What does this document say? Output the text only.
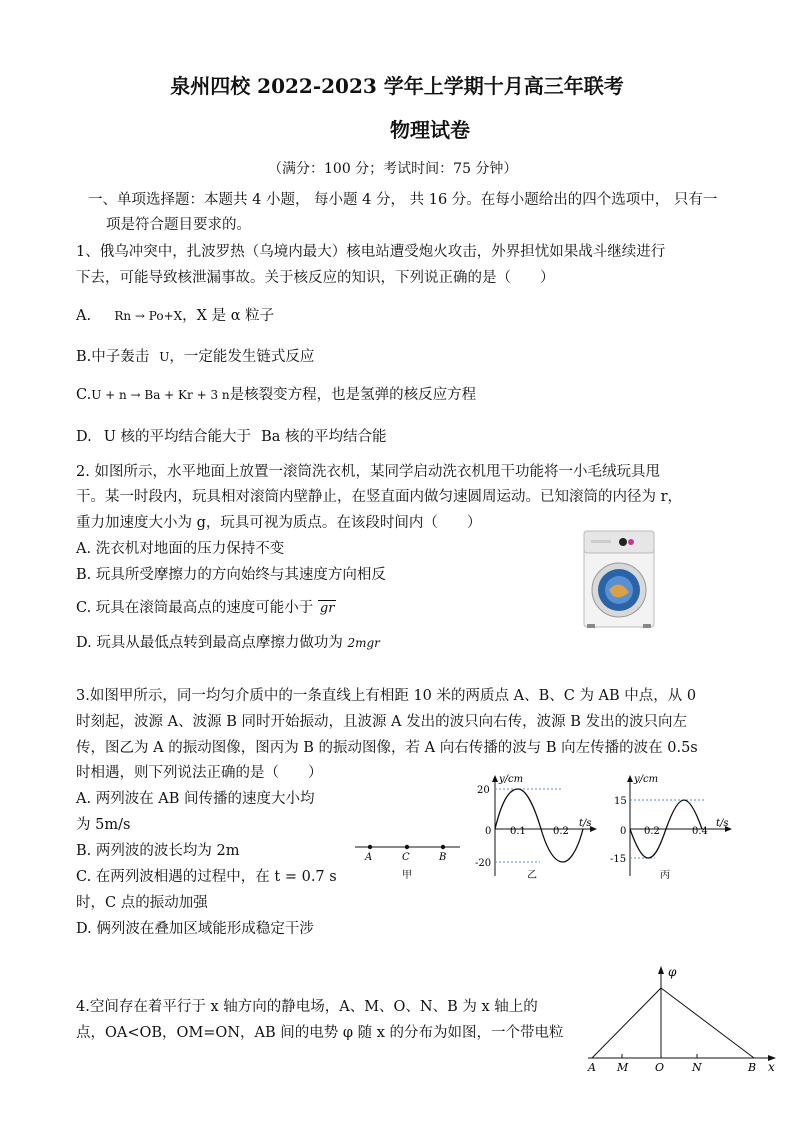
泉州四校 2022-2023 学年上学期十月高三年联考
物理试卷
（满分：100 分；考试时间：75 分钟）
一、单项选择题：本题共 4 小题， 每小题 4 分， 共 16 分。在每小题给出的四个选项中， 只有一
项是符合题目要求的。
1、俄乌冲突中，扎波罗热（乌境内最大）核电站遭受炮火攻击，外界担忧如果战斗继续进行
下去，可能导致核泄漏事故。关于核反应的知识，下列说正确的是（　　）
A. Rn → Po+X，X 是 α 粒子
B.中子轰击 U，一定能发生链式反应
C.U + n → Ba + Kr + 3 n是核裂变方程，也是氢弹的核反应方程
D. U 核的平均结合能大于 Ba 核的平均结合能
2. 如图所示，水平地面上放置一滚筒洗衣机，某同学启动洗衣机甩干功能将一小毛绒玩具甩
干。某一时段内，玩具相对滚筒内壁静止，在竖直面内做匀速圆周运动。已知滚筒的内径为 r，
重力加速度大小为 g，玩具可视为质点。在该段时间内（　　）
A. 洗衣机对地面的压力保持不变
B. 玩具所受摩擦力的方向始终与其速度方向相反
C. 玩具在滚筒最高点的速度可能小于 gr
D. 玩具从最低点转到最高点摩擦力做功为 2mgr
3.如图甲所示，同一均匀介质中的一条直线上有相距 10 米的两质点 A、B、C 为 AB 中点，从 0
时刻起，波源 A、波源 B 同时开始振动，且波源 A 发出的波只向右传，波源 B 发出的波只向左
传，图乙为 A 的振动图像，图丙为 B 的振动图像，若 A 向右传播的波与 B 向左传播的波在 0.5s
时相遇，则下列说法正确的是（　　）
A. 两列波在 AB 间传播的速度大小均
为 5m/s
B. 两列波的波长均为 2m
C. 在两列波相遇的过程中，在 t = 0.7 s
时，C 点的振动加强
D. 俩列波在叠加区域能形成稳定干涉
A	C	B
甲
y/cm
20
-20
0 0.1	0.2
t/s
乙
y/cm
15
-15
0 0.2	0.4
t/s
丙
4.空间存在着平行于 x 轴方向的静电场，A、M、O、N、B 为 x 轴上的
点，OA<OB，OM=ON，AB 间的电势 φ 随 x 的分布为如图，一个带电粒
φ
x
A M O	N	B
